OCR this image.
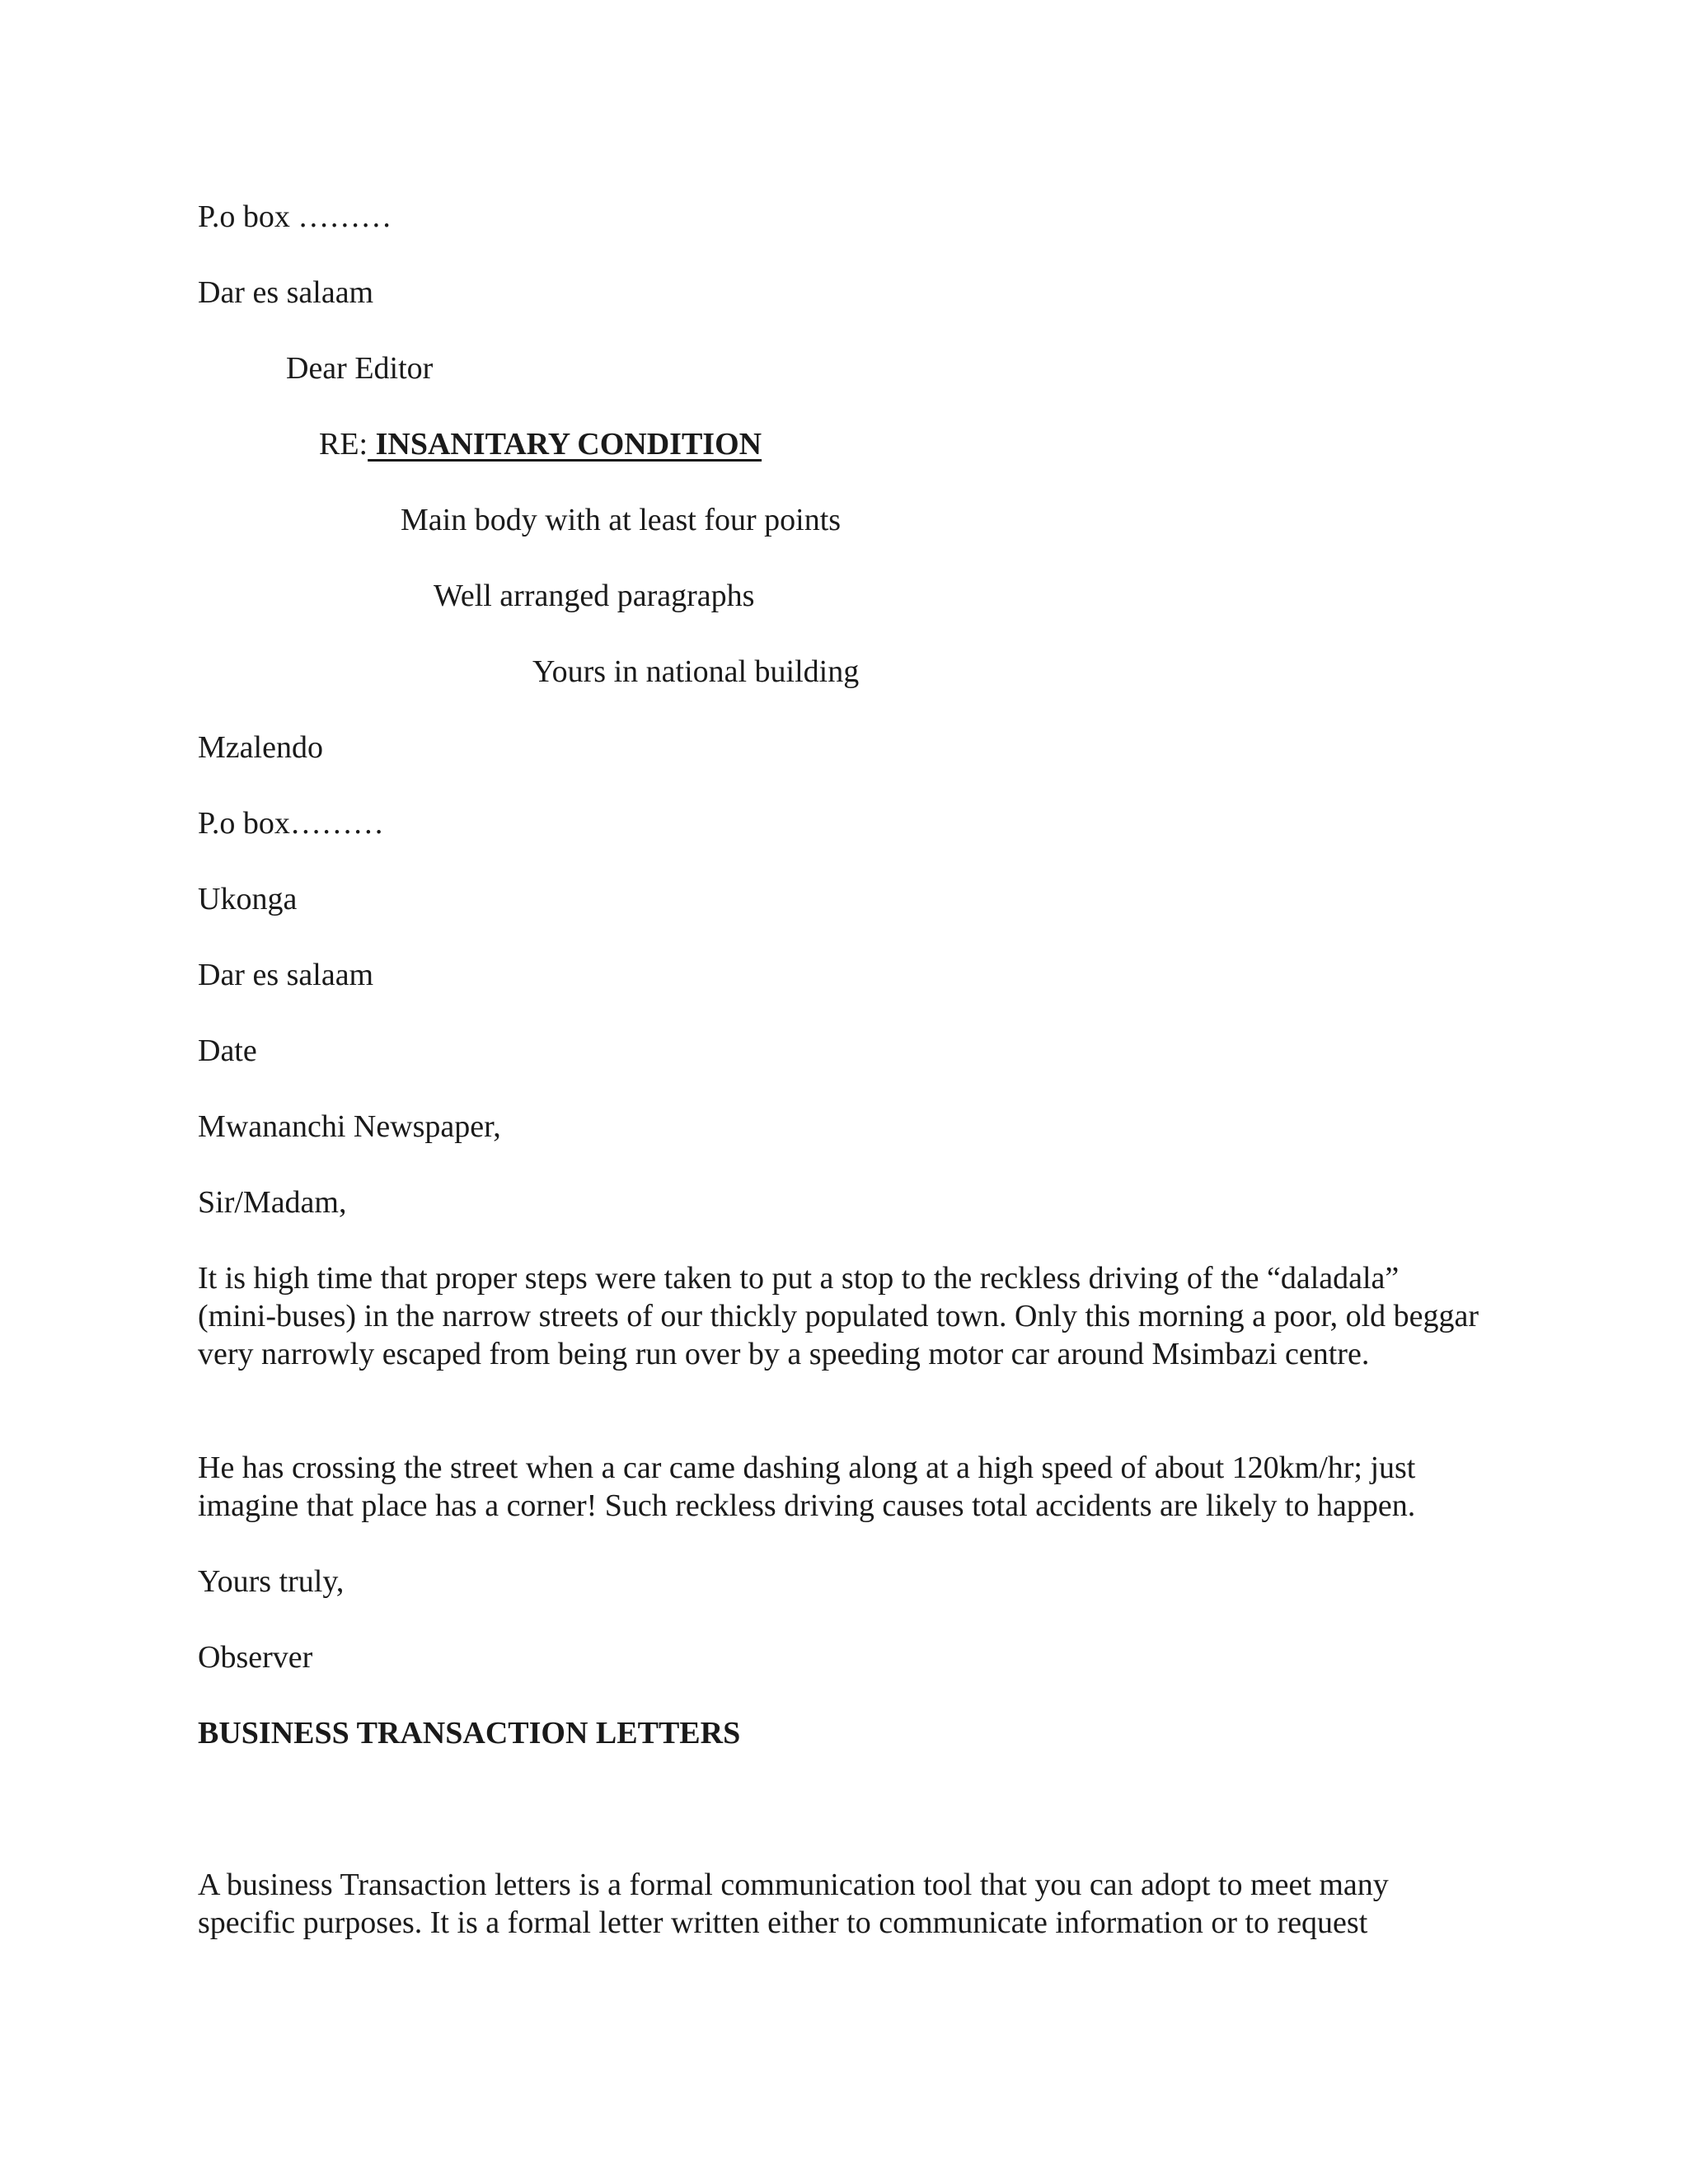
P.o box ………
Dar es salaam
Dear Editor
RE: INSANITARY CONDITION
Main body with at least four points
Well arranged paragraphs
Yours in national building
Mzalendo
P.o box………
Ukonga
Dar es salaam
Date
Mwananchi Newspaper,
Sir/Madam,
It is high time that proper steps were taken to put a stop to the reckless driving of the “daladala” (mini-buses) in the narrow streets of our thickly populated town. Only this morning a poor, old beggar very narrowly escaped from being run over by a speeding motor car around Msimbazi centre.
He has crossing the street when a car came dashing along at a high speed of about 120km/hr; just imagine that place has a corner! Such reckless driving causes total accidents are likely to happen.
Yours truly,
Observer
BUSINESS TRANSACTION LETTERS
A business Transaction letters is a formal communication tool that you can adopt to meet many specific purposes. It is a formal letter written either to communicate information or to request
